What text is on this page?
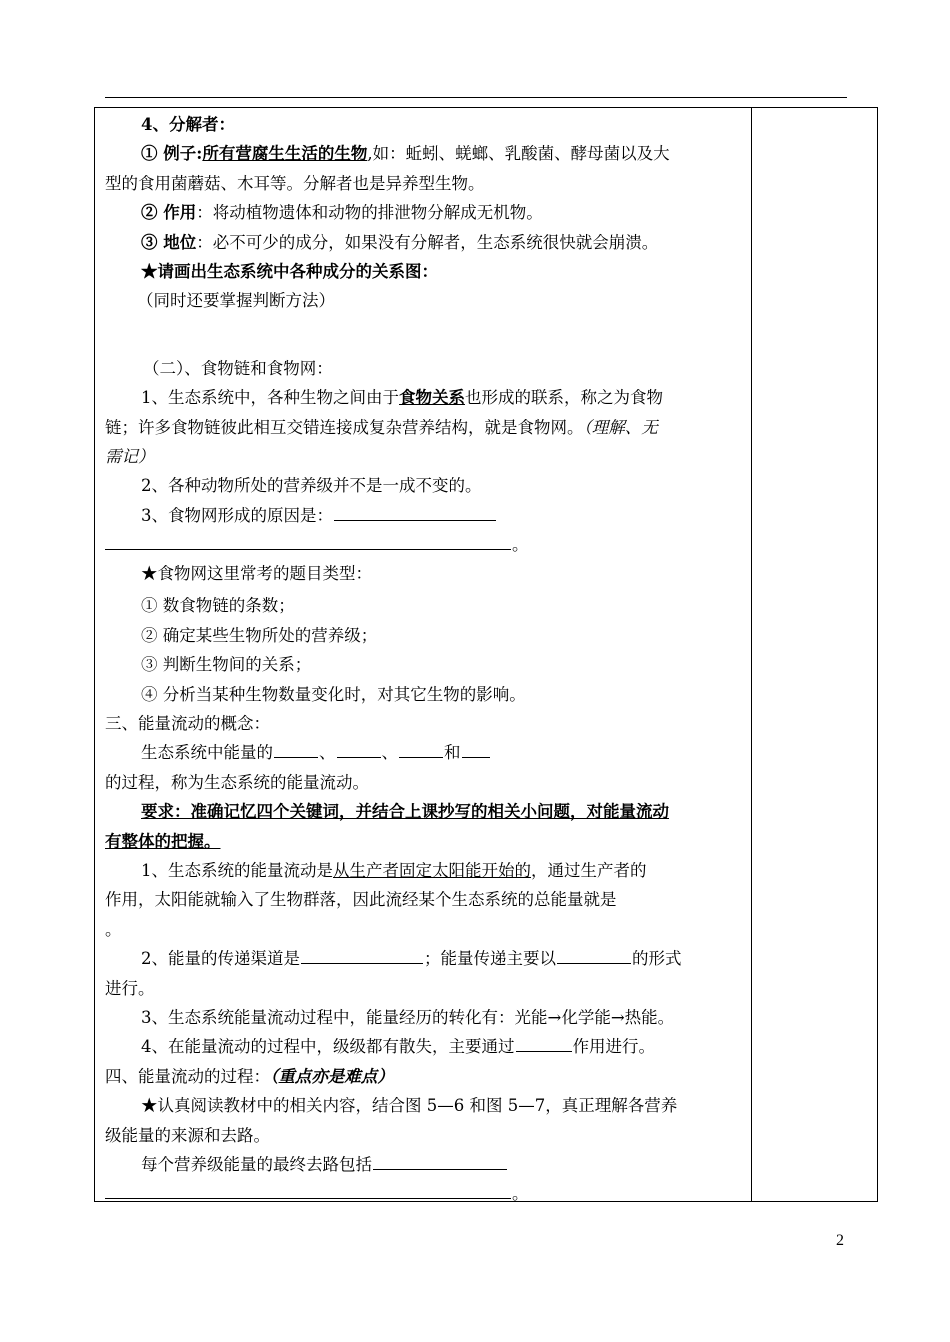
4、分解者：
① 例子:所有营腐生生活的生物,如：蚯蚓、蜣螂、乳酸菌、酵母菌以及大
型的食用菌蘑菇、木耳等。分解者也是异养型生物。
② 作用：将动植物遗体和动物的排泄物分解成无机物。
③ 地位：必不可少的成分，如果没有分解者，生态系统很快就会崩溃。
★请画出生态系统中各种成分的关系图：
（同时还要掌握判断方法）
（二）、食物链和食物网：
1、生态系统中，各种生物之间由于食物关系也形成的联系，称之为食物
链；许多食物链彼此相互交错连接成复杂营养结构，就是食物网。（理解、无
需记）
2、各种动物所处的营养级并不是一成不变的。
3、食物网形成的原因是：
。
★食物网这里常考的题目类型：
① 数食物链的条数；
② 确定某些生物所处的营养级；
③ 判断生物间的关系；
④ 分析当某种生物数量变化时，对其它生物的影响。
三、能量流动的概念：
生态系统中能量的	、	、	和
的过程，称为生态系统的能量流动。
要求：准确记忆四个关键词，并结合上课抄写的相关小问题，对能量流动
有整体的把握。
1、生态系统的能量流动是从生产者固定太阳能开始的，通过生产者的
作用，太阳能就输入了生物群落，因此流经某个生态系统的总能量就是
。
2、能量的传递渠道是	；能量传递主要以	的形式
进行。
3、生态系统能量流动过程中，能量经历的转化有：光能→化学能→热能。
4、在能量流动的过程中，级级都有散失，主要通过	作用进行。
四、能量流动的过程：（重点亦是难点）
★认真阅读教材中的相关内容，结合图 5—6 和图 5—7，真正理解各营养
级能量的来源和去路。
每个营养级能量的最终去路包括
。
2
